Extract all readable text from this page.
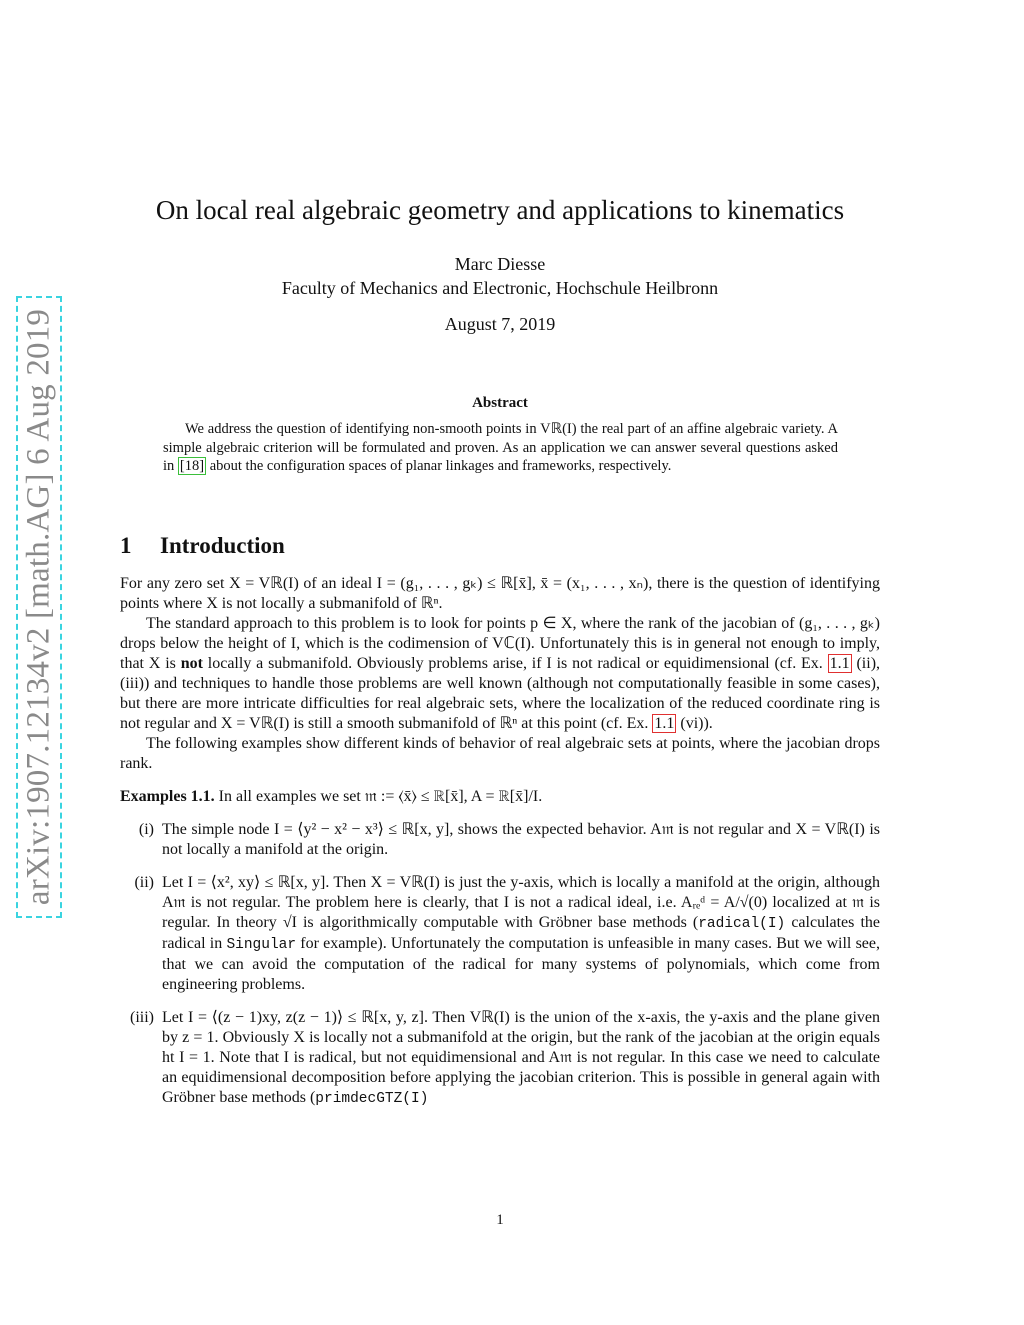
arXiv:1907.12134v2 [math.AG] 6 Aug 2019
On local real algebraic geometry and applications to kinematics
Marc Diesse
Faculty of Mechanics and Electronic, Hochschule Heilbronn
August 7, 2019
Abstract

We address the question of identifying non-smooth points in Vℝ(I) the real part of an affine algebraic variety. A simple algebraic criterion will be formulated and proven. As an application we can answer several questions asked in [18] about the configuration spaces of planar linkages and frameworks, respectively.

1 Introduction

For any zero set X = Vℝ(I) of an ideal I = (g₁, . . . , gₖ) ≤ ℝ[x̄], x̄ = (x₁, . . . , xₙ), there is the question of identifying points where X is not locally a submanifold of ℝⁿ.

The standard approach to this problem is to look for points p ∈ X, where the rank of the jacobian of (g₁, . . . , gₖ) drops below the height of I, which is the codimension of Vℂ(I). Unfortunately this is in general not enough to imply, that X is not locally a submanifold. Obviously problems arise, if I is not radical or equidimensional (cf. Ex. 1.1 (ii),(iii)) and techniques to handle those problems are well known (although not computationally feasible in some cases), but there are more intricate difficulties for real algebraic sets, where the localization of the reduced coordinate ring is not regular and X = Vℝ(I) is still a smooth submanifold of ℝⁿ at this point (cf. Ex. 1.1 (vi)).

The following examples show different kinds of behavior of real algebraic sets at points, where the jacobian drops rank.

Examples 1.1. In all examples we set 𝔪 := ⟨x̄⟩ ≤ ℝ[x̄], A = ℝ[x̄]/I.

(i) The simple node I = ⟨y² − x² − x³⟩ ≤ ℝ[x, y], shows the expected behavior. A𝔪 is not regular and X = Vℝ(I) is not locally a manifold at the origin.
(ii) Let I = ⟨x², xy⟩ ≤ ℝ[x, y]. Then X = Vℝ(I) is just the y-axis, which is locally a manifold at the origin, although A𝔪 is not regular. The problem here is clearly, that I is not a radical ideal, i.e. Aᵣₑᵈ = A/√(0) localized at 𝔪 is regular. In theory √I is algorithmically computable with Gröbner base methods (radical(I) calculates the radical in Singular for example). Unfortunately the computation is unfeasible in many cases. But we will see, that we can avoid the computation of the radical for many systems of polynomials, which come from engineering problems.
(iii) Let I = ⟨(z − 1)xy, z(z − 1)⟩ ≤ ℝ[x, y, z]. Then Vℝ(I) is the union of the x-axis, the y-axis and the plane given by z = 1. Obviously X is locally not a submanifold at the origin, but the rank of the jacobian at the origin equals ht I = 1. Note that I is radical, but not equidimensional and A𝔪 is not regular. In this case we need to calculate an equidimensional decomposition before applying the jacobian criterion. This is possible in general again with Gröbner base methods (primdecGTZ(I)
1
